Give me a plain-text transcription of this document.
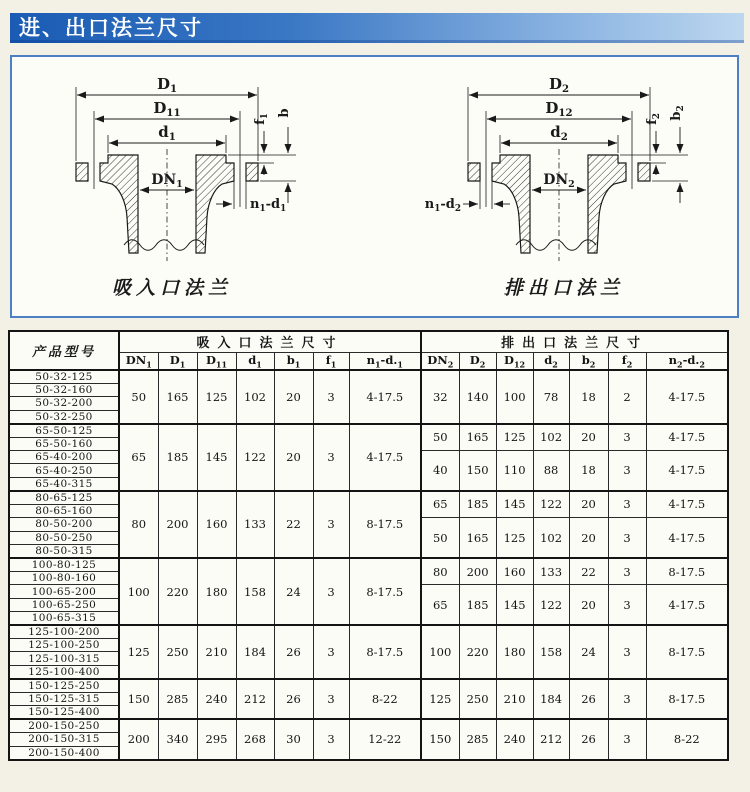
进、出口法兰尺寸
$D_1$
$D_{11}$
$d_1$
$DN_1$
$n_1-d_1$
$f_1$ b
吸入口法兰
$D_2$
$D_{12}$
$d_2$
$DN_2$
$n_1-d_2$
$f_2$ $b_2$
排出口法兰
产品型号	吸入口法兰尺寸							排出口法兰尺寸						
	$DN_1$	$D_1$	$D_{11}$	$d_1$	$b_1$	$f_1$	$n_1-d._1$	$DN_2$	$D_2$	$D_{12}$	$d_2$	$b_2$	$f_2$	$n_2-d._2$
50-32-125	50	165	125	102	20	3	4-17.5	32	140	100	78	18	2	4-17.5
50-32-160														
50-32-200														
50-32-250														
65-50-125	65	185	145	122	20	3	4-17.5	50	165	125	102	20	3	4-17.5
65-50-160														
65-40-200								40	150	110	88	18	3	4-17.5
65-40-250														
65-40-315														
80-65-125	80	200	160	133	22	3	8-17.5	65	185	145	122	20	3	4-17.5
80-65-160														
80-50-200								50	165	125	102	20	3	4-17.5
80-50-250														
80-50-315														
100-80-125	100	220	180	158	24	3	8-17.5	80	200	160	133	22	3	8-17.5
100-80-160														
100-65-200								65	185	145	122	20	3	4-17.5
100-65-250														
100-65-315														
125-100-200	125	250	210	184	26	3	8-17.5	100	220	180	158	24	3	8-17.5
125-100-250														
125-100-315														
125-100-400														
150-125-250	150	285	240	212	26	3	8-22	125	250	210	184	26	3	8-17.5
150-125-315														
150-125-400														
200-150-250	200	340	295	268	30	3	12-22	150	285	240	212	26	3	8-22
200-150-315														
200-150-400														
